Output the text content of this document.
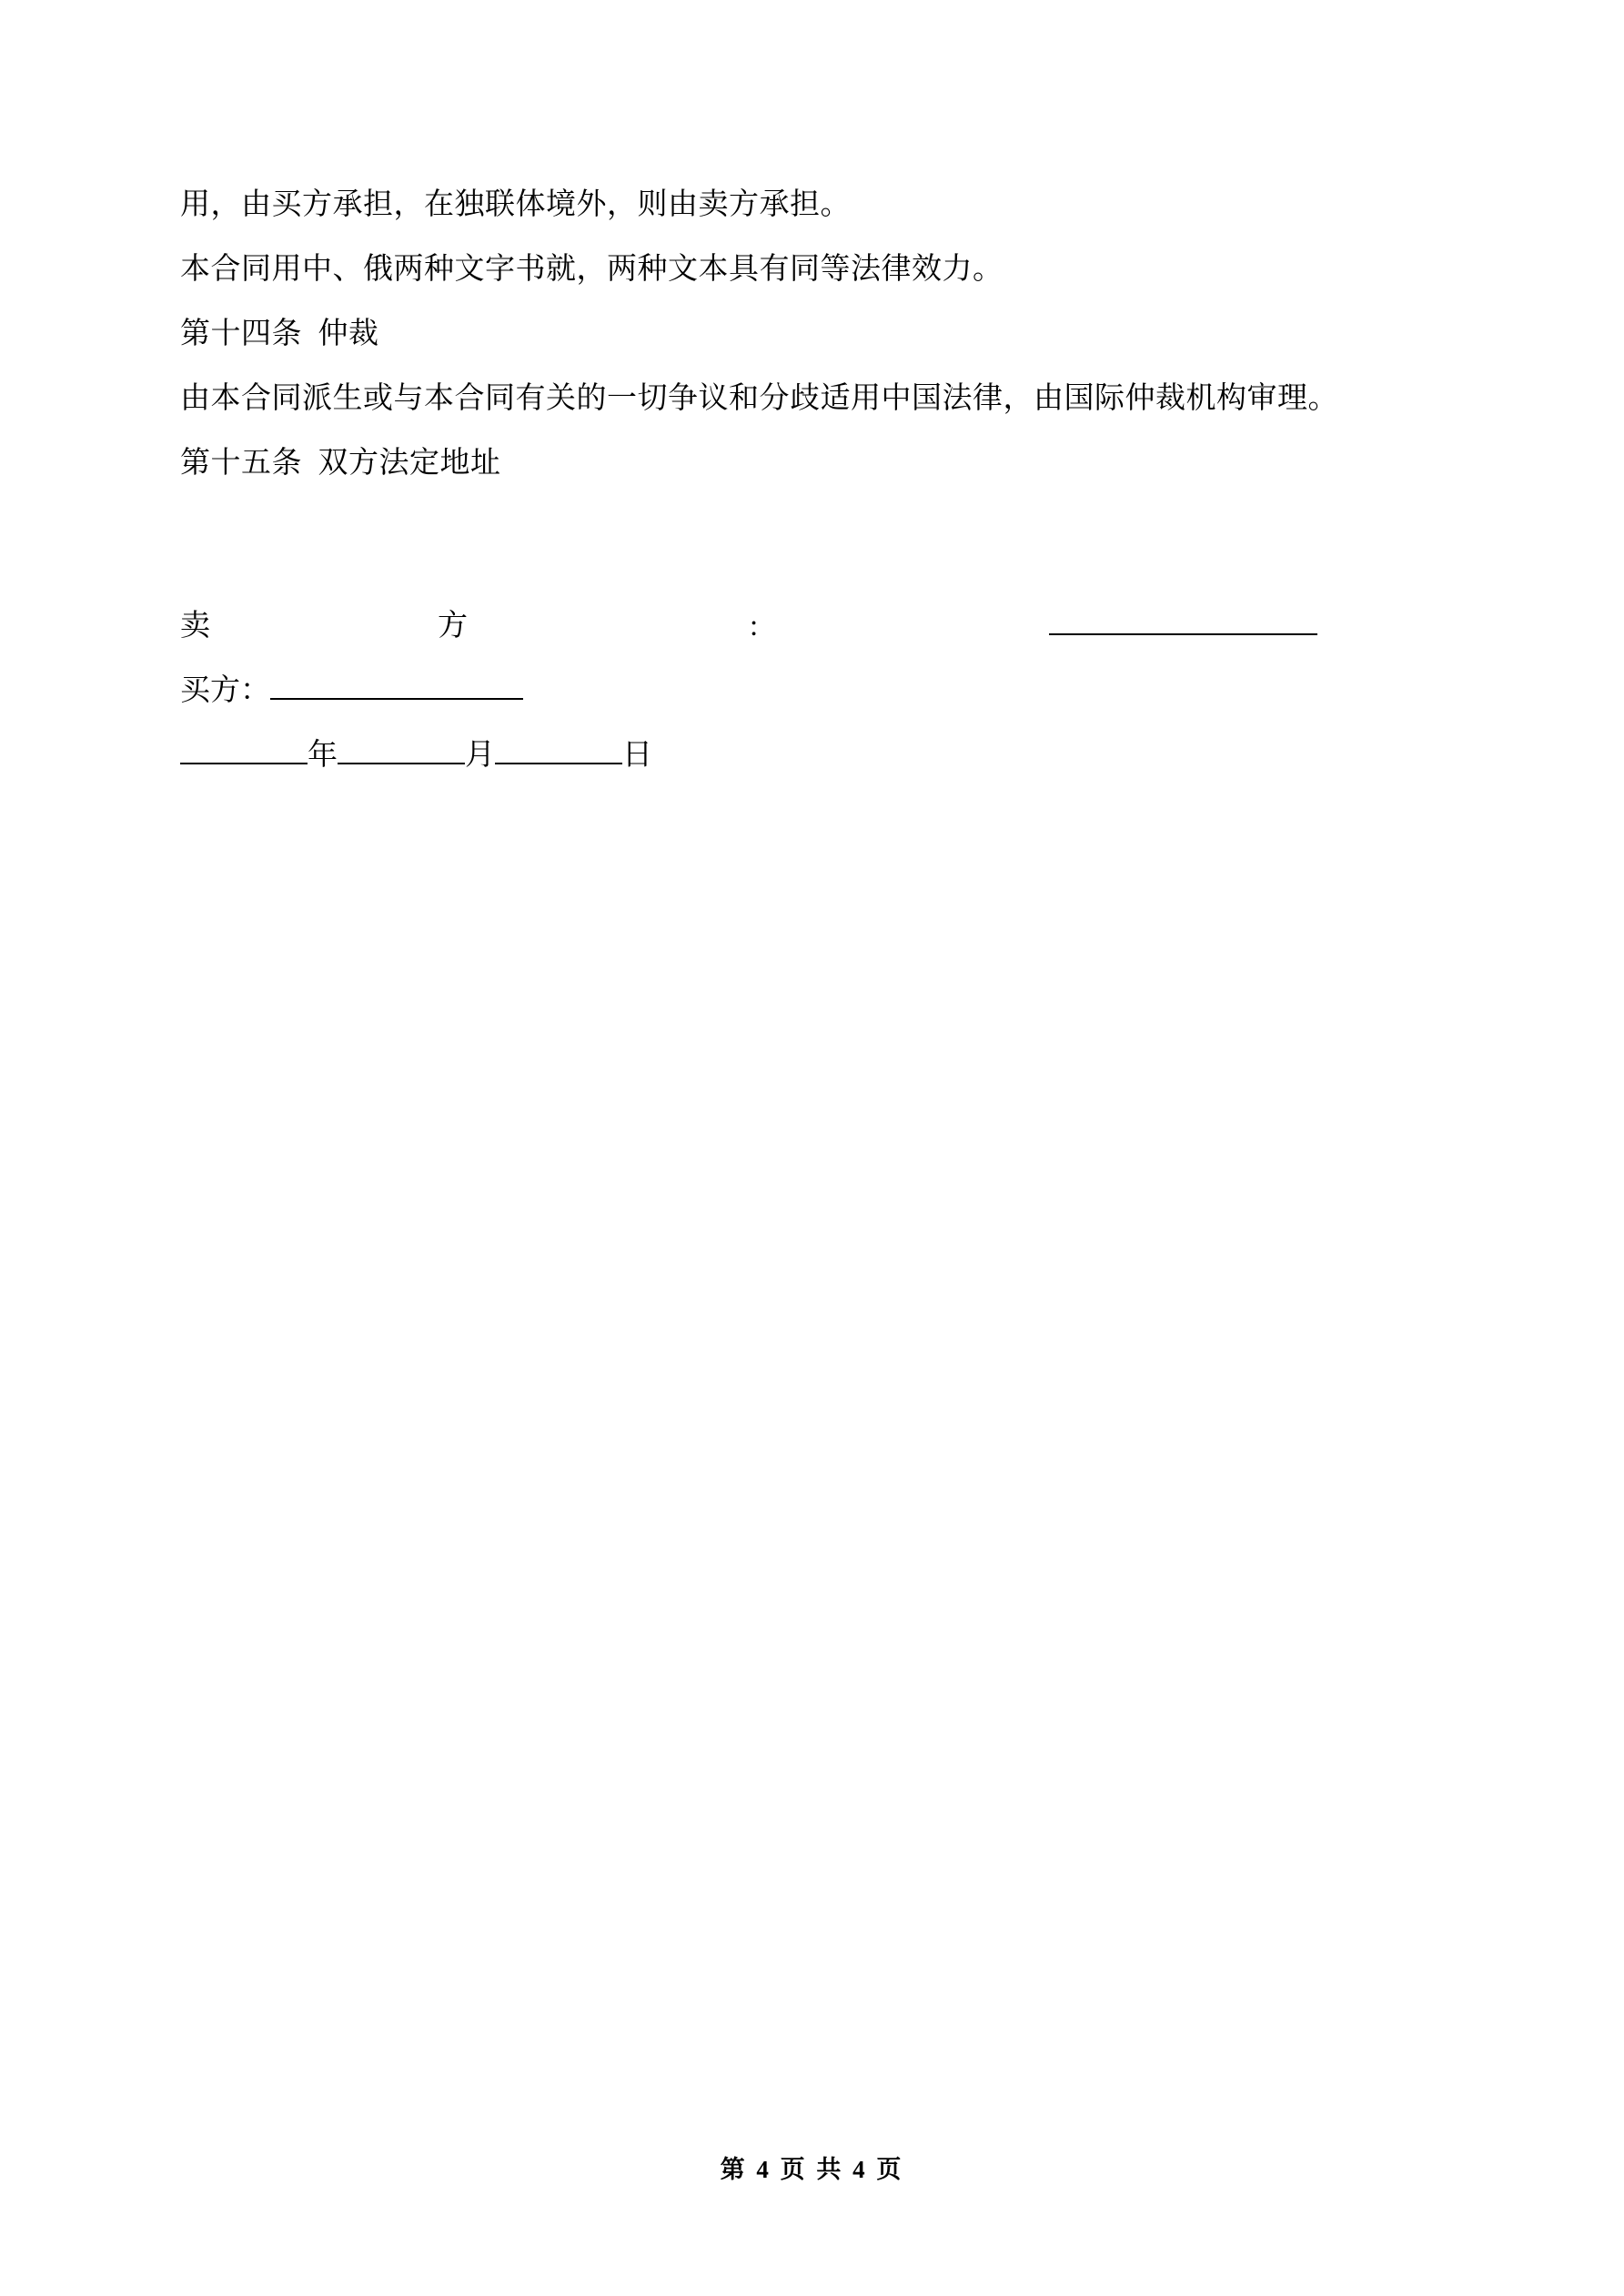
用，由买方承担，在独联体境外，则由卖方承担。
本合同用中、俄两种文字书就，两种文本具有同等法律效力。
第十四条  仲裁
由本合同派生或与本合同有关的一切争议和分歧适用中国法律，由国际仲裁机构审理。
第十五条  双方法定地址
卖	方	:
买方：
年	月	日
第 4 页 共 4 页
